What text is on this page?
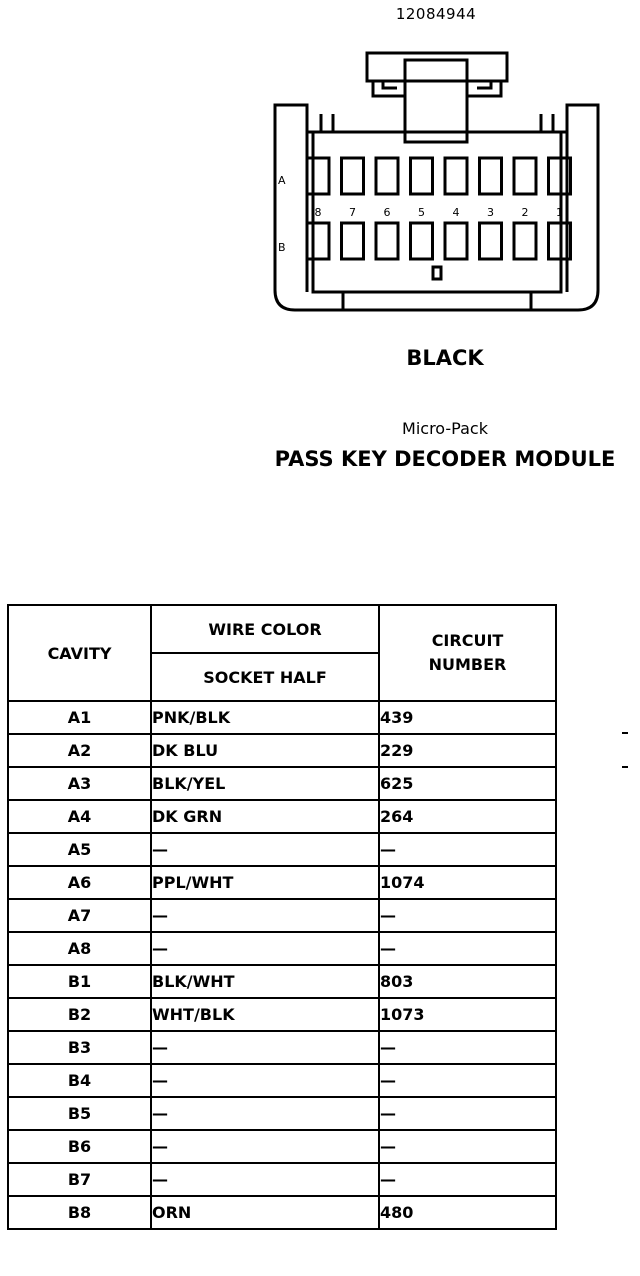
12084944
A
B
8	7	6	5	4	3	2	1
BLACK
Micro-Pack
PASS KEY DECODER MODULE
CAVITY	WIRE COLOR	CIRCUIT
NUMBER
	SOCKET HALF	
A1	PNK/BLK	439
A2	DK BLU	229
A3	BLK/YEL	625
A4	DK GRN	264
A5	—	—
A6	PPL/WHT	1074
A7	—	—
A8	—	—
B1	BLK/WHT	803
B2	WHT/BLK	1073
B3	—	—
B4	—	—
B5	—	—
B6	—	—
B7	—	—
B8	ORN	480
